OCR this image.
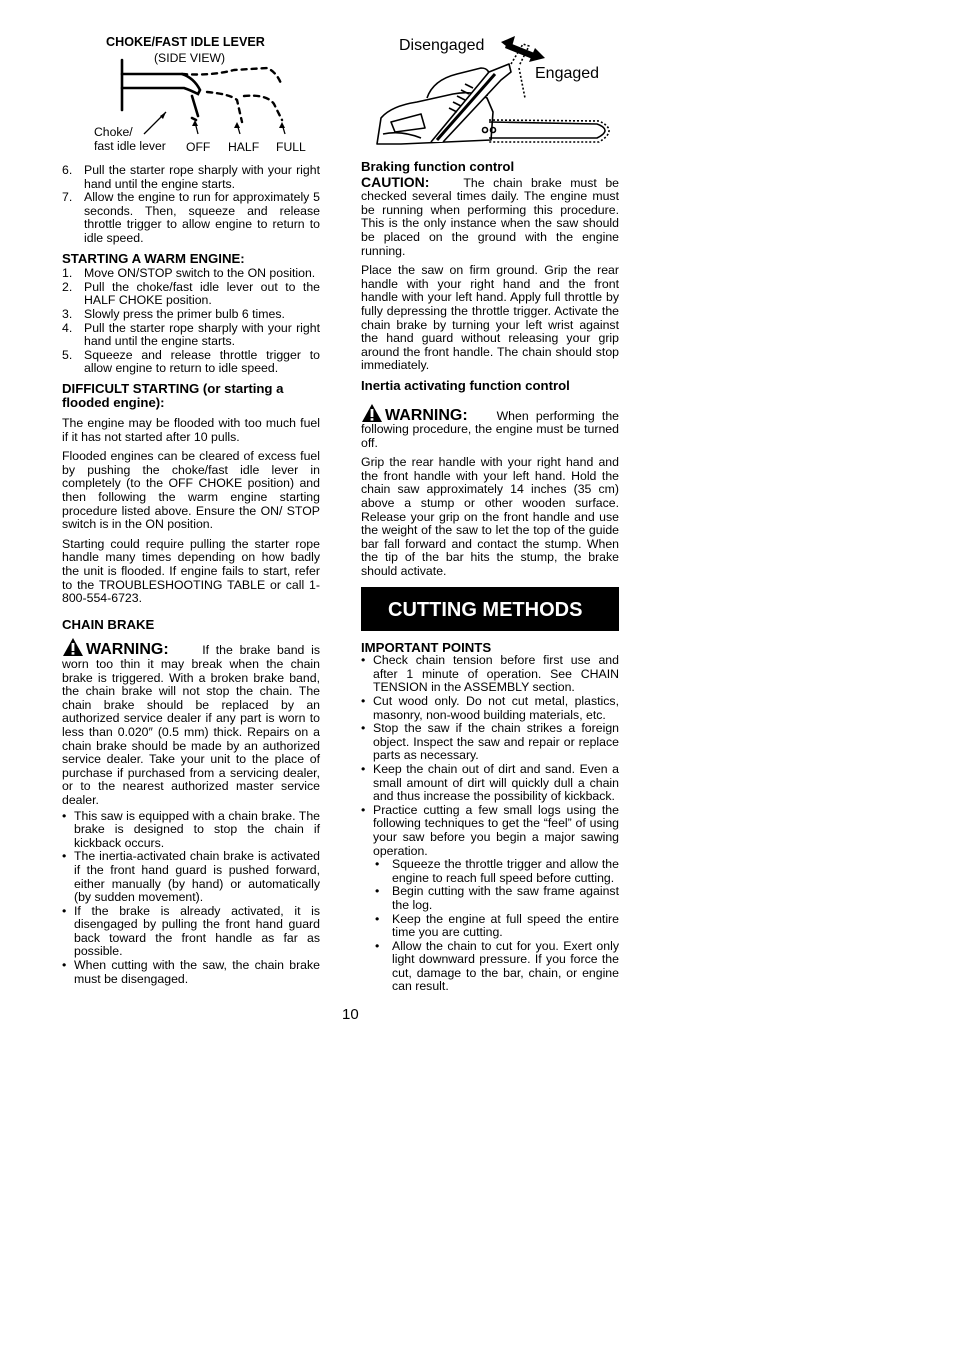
CHOKE/FAST IDLE LEVER
(SIDE VIEW)
Choke/
fast idle lever OFF HALF FULL
6. Pull the starter rope sharply with your right hand until the engine starts.
7. Allow the engine to run for approximately 5 seconds. Then, squeeze and release throttle trigger to allow engine to return to idle speed.
STARTING A WARM ENGINE:
1. Move ON/STOP switch to the ON position.
2. Pull the choke/fast idle lever out to the HALF CHOKE position.
3. Slowly press the primer bulb 6 times.
4. Pull the starter rope sharply with your right hand until the engine starts.
5. Squeeze and release throttle trigger to allow engine to return to idle speed.
DIFFICULT STARTING (or starting a flooded engine):

The engine may be flooded with too much fuel if it has not started after 10 pulls.

Flooded engines can be cleared of excess fuel by pushing the choke/fast idle lever in completely (to the OFF CHOKE position) and then following the warm engine starting procedure listed above. Ensure the ON/ STOP switch is in the ON position.

Starting could require pulling the starter rope handle many times depending on how badly the unit is flooded. If engine fails to start, refer to the TROUBLESHOOTING TABLE or call 1-800-554-6723.

CHAIN BRAKE

WARNING:	If the brake band is worn too thin it may break when the chain brake is triggered. With a broken brake band, the chain brake will not stop the chain. The chain brake should be replaced by an authorized service dealer if any part is worn to less than 0.020″ (0.5 mm) thick. Repairs on a chain brake should be made by an authorized service dealer. Take your unit to the place of purchase if purchased from a servicing dealer, or to the nearest authorized master service dealer.

• This saw is equipped with a chain brake. The brake is designed to stop the chain if kickback occurs.
• The inertia-activated chain brake is activated if the front hand guard is pushed forward, either manually (by hand) or automatically (by sudden movement).
• If the brake is already activated, it is disengaged by pulling the front hand guard back toward the front handle as far as possible.
• When cutting with the saw, the chain brake must be disengaged.
Disengaged
Engaged
Braking function control

CAUTION:	The chain brake must be checked several times daily. The engine must be running when performing this procedure. This is the only instance when the saw should be placed on the ground with the engine running.

Place the saw on firm ground. Grip the rear handle with your right hand and the front handle with your left hand. Apply full throttle by fully depressing the throttle trigger. Activate the chain brake by turning your left wrist against the hand guard without releasing your grip around the front handle. The chain should stop immediately.

Inertia activating function control

WARNING: When performing the following procedure, the engine must be turned off.

Grip the rear handle with your right hand and the front handle with your left hand. Hold the chain saw approximately 14 inches (35 cm) above a stump or other wooden surface. Release your grip on the front handle and use the weight of the saw to let the top of the guide bar fall forward and contact the stump. When the tip of the bar hits the stump, the brake should activate.

CUTTING METHODS
IMPORTANT POINTS
• Check chain tension before first use and after 1 minute of operation. See CHAIN TENSION in the ASSEMBLY section.
• Cut wood only. Do not cut metal, plastics, masonry, non-wood building materials, etc.
• Stop the saw if the chain strikes a foreign object. Inspect the saw and repair or replace parts as necessary.
• Keep the chain out of dirt and sand. Even a small amount of dirt will quickly dull a chain and thus increase the possibility of kickback.
• Practice cutting a few small logs using the following techniques to get the “feel” of using your saw before you begin a major sawing operation.
• Squeeze the throttle trigger and allow the engine to reach full speed before cutting.
• Begin cutting with the saw frame against the log.
• Keep the engine at full speed the entire time you are cutting.
• Allow the chain to cut for you. Exert only light downward pressure. If you force the cut, damage to the bar, chain, or engine can result.
10
